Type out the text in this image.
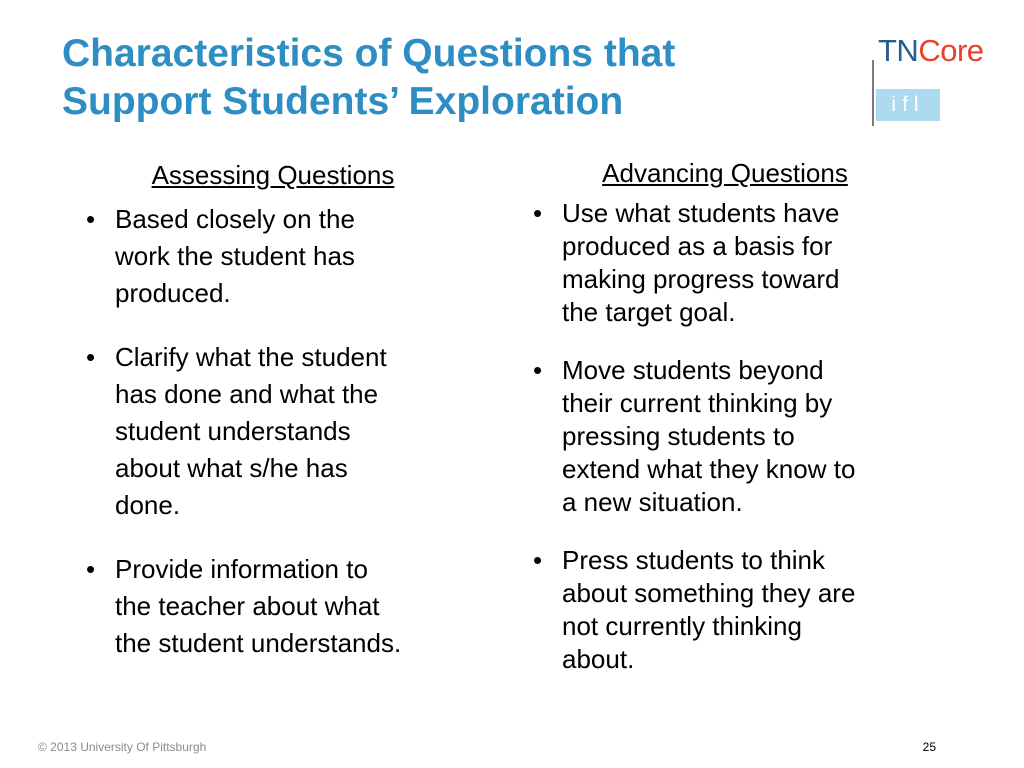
Characteristics of Questions that
Support Students’ Exploration
TNCore
ifl
Assessing Questions
• Based closely on the
work the student has
produced.
• Clarify what the student
has done and what the
student understands
about what s/he has
done.
• Provide information to
the teacher about what
the student understands.
Advancing Questions
• Use what students have
produced as a basis for
making progress toward
the target goal.
• Move students beyond
their current thinking by
pressing students to
extend what they know to
a new situation.
• Press students to think
about something they are
not currently thinking
about.
© 2013 University Of Pittsburgh	25
